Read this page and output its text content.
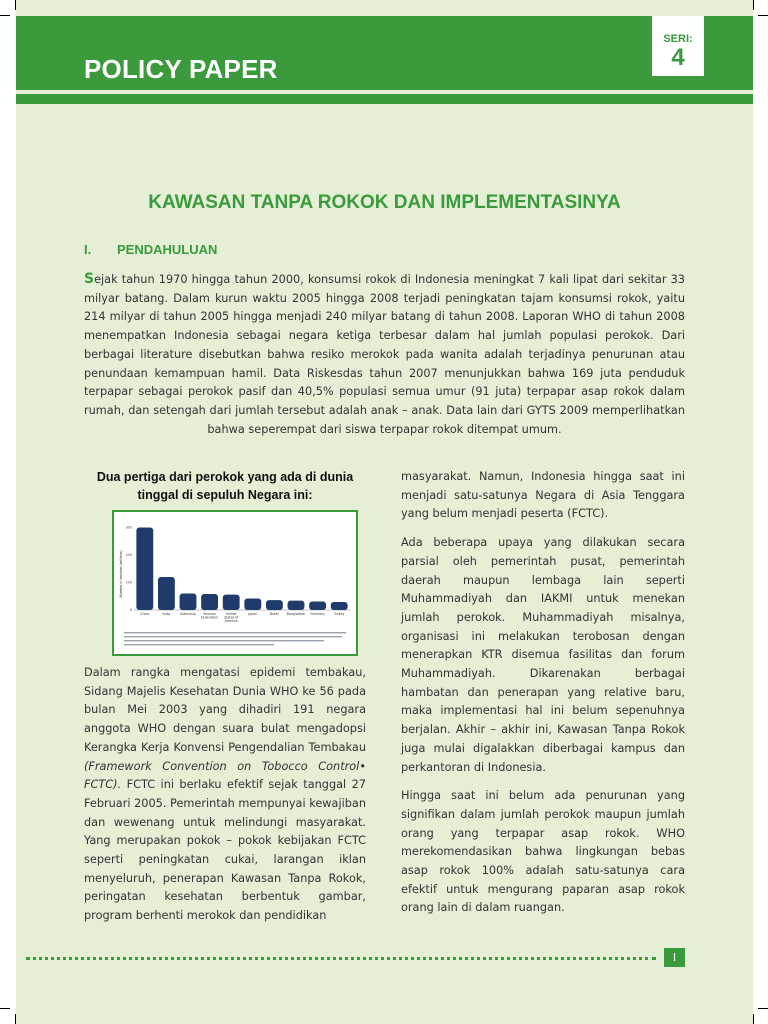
POLICY PAPER
SERI:
4
KAWASAN TANPA ROKOK DAN IMPLEMENTASINYA
I. PENDAHULUAN
Sejak tahun 1970 hingga tahun 2000, konsumsi rokok di Indonesia meningkat 7 kali lipat dari sekitar 33 milyar batang. Dalam kurun waktu 2005 hingga 2008 terjadi peningkatan tajam konsumsi rokok, yaitu 214 milyar di tahun 2005 hingga menjadi 240 milyar batang di tahun 2008. Laporan WHO di tahun 2008 menempatkan Indonesia sebagai negara ketiga terbesar dalam hal jumlah populasi perokok. Dari berbagai literature disebutkan bahwa resiko merokok pada wanita adalah terjadinya penurunan atau penundaan kemampuan hamil. Data Riskesdas tahun 2007 menunjukkan bahwa 169 juta penduduk terpapar sebagai perokok pasif dan 40,5% populasi semua umur (91 juta) terpapar asap rokok dalam rumah, dan setengah dari jumlah tersebut adalah anak – anak. Data lain dari GYTS 2009 memperlihatkan bahwa seperempat dari siswa terpapar rokok ditempat umum.
Dua pertiga dari perokok yang ada di dunia tinggal di sepuluh Negara ini:
Number of smokers (millions)
0
100
200
300
China	India	Indonesia	Russian Federation
United States of America
Japan	Brazil Bangladesh Germany	Turkey

Dalam rangka mengatasi epidemi tembakau, Sidang Majelis Kesehatan Dunia WHO ke 56 pada bulan Mei 2003 yang dihadiri 191 negara anggota WHO dengan suara bulat mengadopsi Kerangka Kerja Konvensi Pengendalian Tembakau (Framework Convention on Tobocco Control• FCTC). FCTC ini berlaku efektif sejak tanggal 27 Februari 2005. Pemerintah mempunyai kewajiban dan wewenang untuk melindungi masyarakat. Yang merupakan pokok – pokok kebijakan FCTC seperti peningkatan cukai, larangan iklan menyeluruh, penerapan Kawasan Tanpa Rokok, peringatan kesehatan berbentuk gambar, program berhenti merokok dan pendidikan

masyarakat. Namun, Indonesia hingga saat ini menjadi satu-satunya Negara di Asia Tenggara yang belum menjadi peserta (FCTC).

Ada beberapa upaya yang dilakukan secara parsial oleh pemerintah pusat, pemerintah daerah maupun lembaga lain seperti Muhammadiyah dan IAKMI untuk menekan jumlah perokok. Muhammadiyah misalnya, organisasi ini melakukan terobosan dengan menerapkan KTR disemua fasilitas dan forum Muhammadiyah. Dikarenakan berbagai hambatan dan penerapan yang relative baru, maka implementasi hal ini belum sepenuhnya berjalan. Akhir – akhir ini, Kawasan Tanpa Rokok juga mulai digalakkan diberbagai kampus dan perkantoran di Indonesia.

Hingga saat ini belum ada penurunan yang signifikan dalam jumlah perokok maupun jumlah orang yang terpapar asap rokok. WHO merekomendasikan bahwa lingkungan bebas asap rokok 100% adalah satu-satunya cara efektif untuk mengurang paparan asap rokok orang lain di dalam ruangan.

I
